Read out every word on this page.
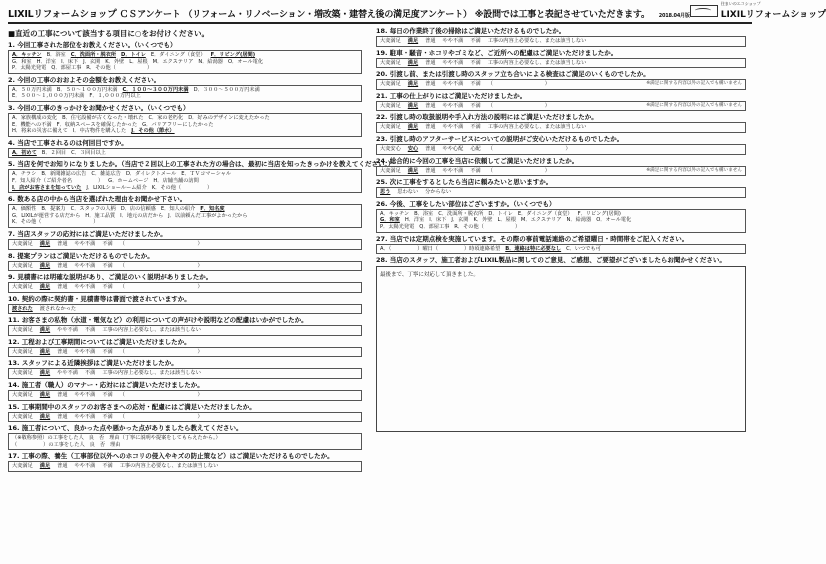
LIXILリフォームショップ ＣＳアンケート （リフォーム・リノベーション・増改築・建替え後の満足度アンケート） ※設問では工事と表記させていただきます。 2018.04月版
住まいのエコショップ
LIXILリフォームショップ
■直近の工事について該当する項目に○をお付けください。
1. 今回工事された部位をお教えください。（いくつでも）
A．キッチン B．浴室 C．洗面所・脱衣所 D．トイレ E．ダイニング（食堂） F．リビング(居間)
G．和室 H．洋室 I．床下 J．玄関 K．外壁 L．屋根 M．エクステリア N．給湯器 O．オール電化
P．太陽光発電 Q．部屋工事 R．その他（　　　　　　）
2. 今回の工事のおおよその金額をお教えください。
A．５０万円未満 B．５０～１００万円未満 C．１００～３００万円未満 D．３００～５００万円未満
E．５００～１,０００万円未満 F．１,０００万円以上
3. 今回の工事のきっかけをお聞かせください。（いくつでも）
A．家族構成の変化 B．住宅設備が古くなった・壊れた C．家の老朽化 D．好みのデザインに変えたかった
E．機能への不満 F．収納スペースを確保したかった G．バリアフリーにしたかった
H．将来の災害に備えて I．中古物件を購入した J．その他（節水）
4. 当店で工事されるのは何回目ですか。
A．初めて B．２回目 C．３回目以上
5. 当店を何でお知りになりましたか。（当店で２回以上の工事された方の場合は、最初に当店を知ったきっかけを教えてください。）
A．チラシ B．新聞雑誌の広告 C．雑誌広告 D．ダイレクトメール E．ＴＶコマーシャル
F．知人紹介（ご紹介者名　　　　　） G．ホームページ H．店舗当舗の訪問
I．店がお客さまを知っていた J．LIXILショールーム紹介 K．その他（　　　　　）
6. 数ある店の中から当店を選ばれた理由をお聞かせ下さい。
A．価額性 B．提案力 C．スタッフの人柄 D．店の信頼感 E．知人の紹介 F．知名度
G．LIXILが運営する店だから H．施工品質 I．地元の店だから J．以前頼んだ工事がよかったから
K．その他（　　　　　　　　　　）
7. 当店スタッフの応対にはご満足いただけましたか。
大変満足 満足 普通 やや不満 不満 （　　　　　　　　　　　　　　）
8. 提案プランはご満足いただけるものでしたか。
大変満足 満足 普通 やや不満 不満 （　　　　　　　　　　　　　　）
9. 見積書には明確な説明があり、ご満足のいく説明がありましたか。
大変満足 満足 普通 やや不満 不満 （　　　　　　　　　　　　　　）
10. 契約の際に契約書・見積書等は書面で渡されていますか。
渡された 渡されなかった
11. お客さまの私物（水道・電気など）の利用についての声がけや説明などの配慮はいかがでしたか。
大変満足 満足 やや不満 不満 工事の内容上必要なし、または該当しない
12. 工程および工事期間についてはご満足いただけましたか。
大変満足 満足 普通 やや不満 不満 （　　　　　　　　　　　　　　）
13. スタッフによる近隣挨拶はご満足いただけましたか。
大変満足 満足 やや不満 不満 工事の内容上必要なし、または該当しない
14. 施工者（職人）のマナー・応対にはご満足いただけましたか。
大変満足 満足 普通 やや不満 不満 （　　　　　　　　　　　　　　）
15. 工事期間中のスタッフのお客さまへの応対・配慮にはご満足いただけましたか。
大変満足 満足 普通 やや不満 不満 （　　　　　　　　　　　　　　）
16. 施工者について、良かった点や悪かった点がありましたら教えてください。
（※敬称参照）の工事をした人 良 否 理由（丁寧に説明や提案をしてもらえたから。）
（　　　　　）の工事をした人 良 否 理由
17. 工事の際、養生（工事部位以外へのホコリの侵入やキズの防止策など）はご満足いただけるものでしたか。
大変満足 満足 普通 やや不満 不満 工事の内容上必要なし、または該当しない
18. 毎日の作業終了後の掃除はご満足いただけるものでしたか。
大変満足 満足 普通 やや不満 不満 工事の内容上必要なし、または該当しない
19. 駐車・騒音・ホコリやゴミなど、ご近所への配慮はご満足いただけましたか。
大変満足 満足 普通 やや不満 不満 工事の内容上必要なし、または該当しない
20. 引渡し前、または引渡し時のスタッフ立ち合いによる検査はご満足のいくものでしたか。
大変満足 満足 普通 やや不満 不満 （　　　　　　　　　　）	※満足に関する内容以外の記入でも構いません
21. 工事の仕上がりにはご満足いただけましたか。
大変満足 満足 普通 やや不満 不満 （　　　　　　　　　　）	※満足に関する内容以外の記入でも構いません
22. 引渡し時の取扱説明や手入れ方法の説明にはご満足いただけましたか。
大変満足 満足 普通 やや不満 不満 工事の内容上必要なし、または該当しない
23. 引渡し時のアフターサービスについての説明がご安心いただけるものでしたか。
大変安心 安心 普通 やや心配 心配 （　　　　　　　　　　　　　　）
24. 総合的に今回の工事を当店に依頼してご満足いただけましたか。
大変満足 満足 普通 やや不満 不満 （　　　　　　　　　　）	※満足に関する内容以外の記入でも構いません
25. 次に工事をするとしたら当店に頼みたいと思いますか。
思う 思わない 分からない
26. 今後、工事をしたい部位はございますか。（いくつでも）
A．キッチン B．浴室 C．洗面所・脱衣所 D．トイレ E．ダイニング（食堂） F．リビング(居間)
G．和室 H．洋室 I．床下 J．玄関 K．外壁 L．屋根 M．エクステリア N．給湯器 O．オール電化
P．太陽光発電 Q．部屋工事 R．その他（　　　　　　）
27. 当店では定期点検を実施しています。その際の事前電話連絡のご希望曜日・時間帯をご記入ください。
A．（　　　　　）曜日（　　　　　）時頃連絡希望 B．連絡は特に必要なし C．いつでも可
28. 当店のスタッフ、施工者およびLIXIL製品に関してのご意見、ご感想、ご要望がございましたらお聞かせください。
最後まで、丁寧に対応して頂きました。
